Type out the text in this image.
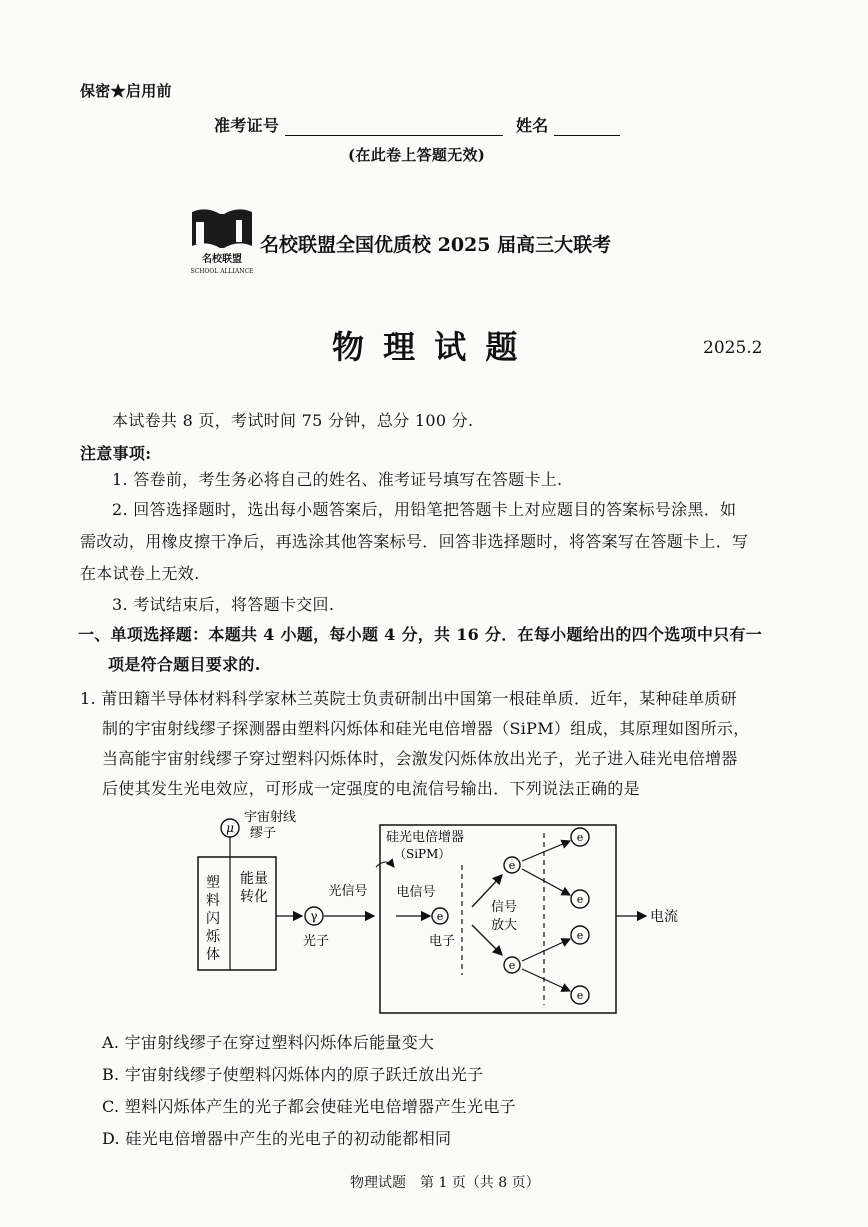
保密★启用前
准考证号	姓名
(在此卷上答题无效)
名校联盟
SCHOOL ALLIANCE
名校联盟全国优质校 2025 届高三大联考
物 理 试 题	2025.2
本试卷共 8 页，考试时间 75 分钟，总分 100 分.
注意事项:
1. 答卷前，考生务必将自己的姓名、准考证号填写在答题卡上.
2. 回答选择题时，选出每小题答案后，用铅笔把答题卡上对应题目的答案标号涂黑．如
需改动，用橡皮擦干净后，再选涂其他答案标号．回答非选择题时，将答案写在答题卡上．写
在本试卷上无效.
3. 考试结束后，将答题卡交回.
一、单项选择题：本题共 4 小题，每小题 4 分，共 16 分．在每小题给出的四个选项中只有一
项是符合题目要求的.
1. 莆田籍半导体材料科学家林兰英院士负责研制出中国第一根硅单质．近年，某种硅单质研
制的宇宙射线缪子探测器由塑料闪烁体和硅光电倍增器（SiPM）组成，其原理如图所示，
当高能宇宙射线缪子穿过塑料闪烁体时，会激发闪烁体放出光子，光子进入硅光电倍增器
后使其发生光电效应，可形成一定强度的电流信号输出．下列说法正确的是
μ
宇宙射线
缪子
塑
料
闪
烁
体
能量
转化
γ
光子
光信号
硅光电倍增器
（SiPM）
电信号
e
电子
信号
放大
e
e
e
e
e
e
电流
A. 宇宙射线缪子在穿过塑料闪烁体后能量变大
B. 宇宙射线缪子使塑料闪烁体内的原子跃迁放出光子
C. 塑料闪烁体产生的光子都会使硅光电倍增器产生光电子
D. 硅光电倍增器中产生的光电子的初动能都相同
物理试题　第 1 页（共 8 页）
